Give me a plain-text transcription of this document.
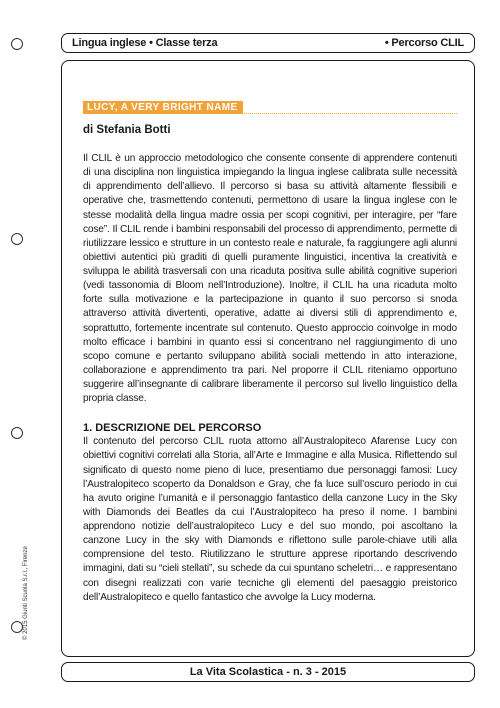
Lingua inglese • Classe terza	• Percorso CLIL
© 2015 Giunti Scuola S.r.l., Firenze
LUCY, A VERY BRIGHT NAME
di Stefania Botti

Il CLIL è un approccio metodologico che consente consente di apprendere contenuti di una disciplina non linguistica impiegando la lingua inglese calibrata sulle necessità di apprendimento dell’allievo. Il percorso si basa su attività altamente flessibili e operative che, trasmettendo contenuti, permettono di usare la lingua inglese con le stesse modalità della lingua madre ossia per scopi cognitivi, per interagire, per “fare cose”. Il CLIL rende i bambini responsabili del processo di apprendimento, permette di riutilizzare lessico e strutture in un contesto reale e naturale, fa raggiungere agli alunni obiettivi autentici più graditi di quelli puramente linguistici, incentiva la creatività e sviluppa le abilità trasversali con una ricaduta positiva sulle abilità cognitive superiori (vedi tassonomia di Bloom nell’Introduzione). Inoltre, il CLIL ha una ricaduta molto forte sulla motivazione e la partecipazione in quanto il suo percorso si snoda attraverso attività divertenti, operative, adatte ai diversi stili di apprendimento e, soprattutto, fortemente incentrate sul contenuto. Questo approccio coinvolge in modo molto efficace i bambini in quanto essi si concentrano nel raggiungimento di uno scopo comune e pertanto sviluppano abilità sociali mettendo in atto interazione, collaborazione e apprendimento tra pari. Nel proporre il CLIL riteniamo opportuno suggerire all’insegnante di calibrare liberamente il percorso sul livello linguistico della propria classe.

1. DESCRIZIONE DEL PERCORSO

Il contenuto del percorso CLIL ruota attorno all’Australopiteco Afarense Lucy con obiettivi cognitivi correlati alla Storia, all’Arte e Immagine e alla Musica. Riflettendo sul significato di questo nome pieno di luce, presentiamo due personaggi famosi: Lucy l’Australopiteco scoperto da Donaldson e Gray, che fa luce sull’oscuro periodo in cui ha avuto origine l’umanità e il personaggio fantastico della canzone Lucy in the Sky with Diamonds dei Beatles da cui l’Australopiteco ha preso il nome. I bambini apprendono notizie dell’australopiteco Lucy e del suo mondo, poi ascoltano la canzone Lucy in the sky with Diamonds e riflettono sulle parole-chiave utili alla comprensione del testo. Riutilizzano le strutture apprese riportando descrivendo immagini, dati su “cieli stellati”, su schede da cui spuntano scheletri… e rappresentano con disegni realizzati con varie tecniche gli elementi del paesaggio preistorico dell’Australopiteco e quello fantastico che avvolge la Lucy moderna.

La Vita Scolastica - n. 3 - 2015
